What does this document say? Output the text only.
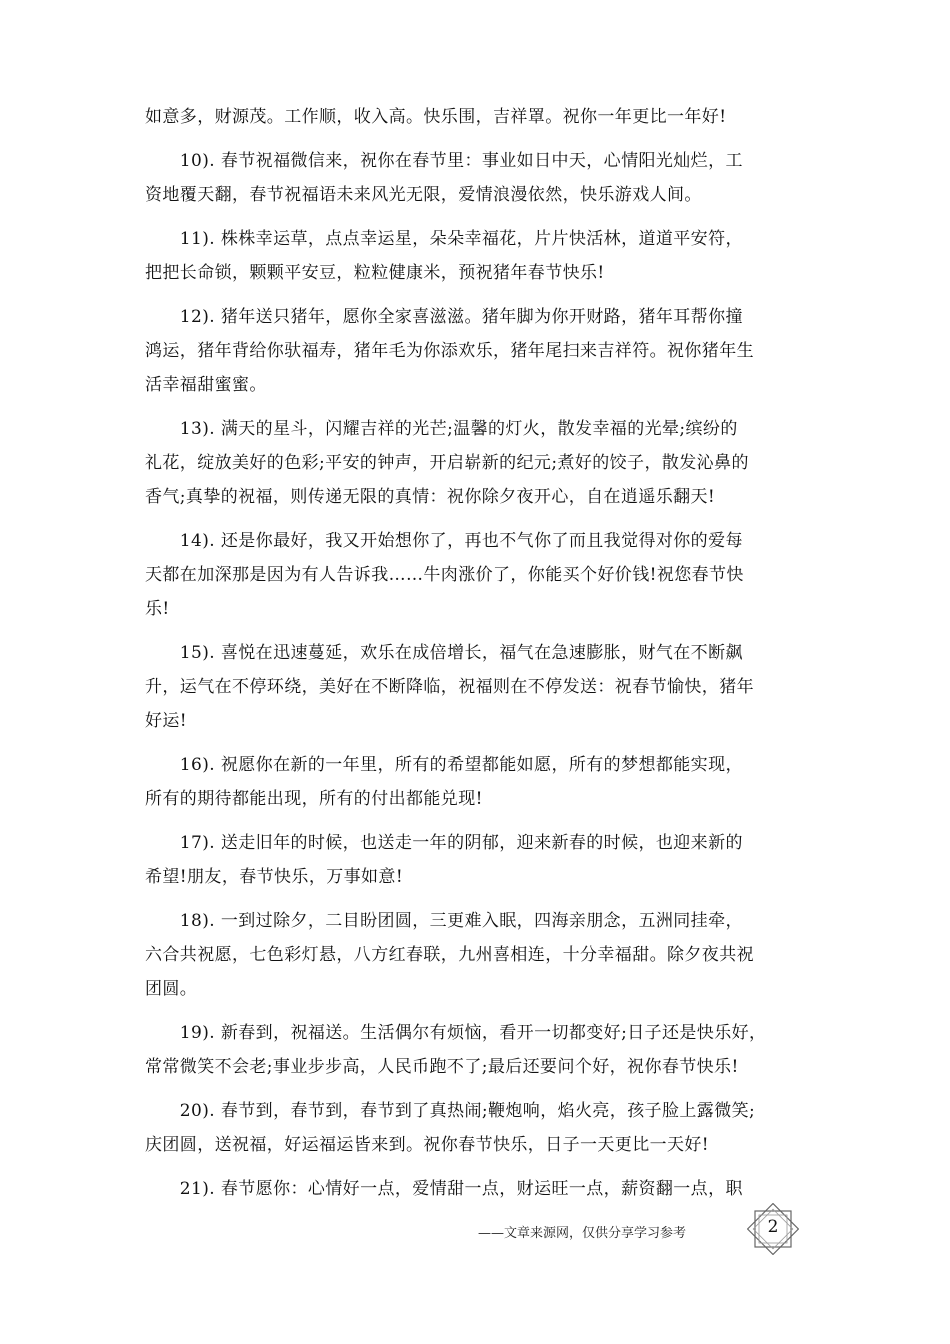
如意多，财源茂。工作顺，收入高。快乐围，吉祥罩。祝你一年更比一年好!
　　10). 春节祝福微信来，祝你在春节里：事业如日中天，心情阳光灿烂，工
资地覆天翻，春节祝福语未来风光无限，爱情浪漫依然，快乐游戏人间。
　　11). 株株幸运草，点点幸运星，朵朵幸福花，片片快活林，道道平安符，
把把长命锁，颗颗平安豆，粒粒健康米，预祝猪年春节快乐!
　　12). 猪年送只猪年，愿你全家喜滋滋。猪年脚为你开财路，猪年耳帮你撞
鸿运，猪年背给你驮福寿，猪年毛为你添欢乐，猪年尾扫来吉祥符。祝你猪年生
活幸福甜蜜蜜。
　　13). 满天的星斗，闪耀吉祥的光芒;温馨的灯火，散发幸福的光晕;缤纷的
礼花，绽放美好的色彩;平安的钟声，开启崭新的纪元;煮好的饺子，散发沁鼻的
香气;真挚的祝福，则传递无限的真情：祝你除夕夜开心，自在逍遥乐翻天!
　　14). 还是你最好，我又开始想你了，再也不气你了而且我觉得对你的爱每
天都在加深那是因为有人告诉我……牛肉涨价了，你能买个好价钱!祝您春节快
乐!
　　15). 喜悦在迅速蔓延，欢乐在成倍增长，福气在急速膨胀，财气在不断飙
升，运气在不停环绕，美好在不断降临，祝福则在不停发送：祝春节愉快，猪年
好运!
　　16). 祝愿你在新的一年里，所有的希望都能如愿，所有的梦想都能实现，
所有的期待都能出现，所有的付出都能兑现!
　　17). 送走旧年的时候，也送走一年的阴郁，迎来新春的时候，也迎来新的
希望!朋友，春节快乐，万事如意!
　　18). 一到过除夕，二目盼团圆，三更难入眠，四海亲朋念，五洲同挂牵，
六合共祝愿，七色彩灯悬，八方红春联，九州喜相连，十分幸福甜。除夕夜共祝
团圆。
　　19). 新春到，祝福送。生活偶尔有烦恼，看开一切都变好;日子还是快乐好，
常常微笑不会老;事业步步高，人民币跑不了;最后还要问个好，祝你春节快乐!
　　20). 春节到，春节到，春节到了真热闹;鞭炮响，焰火亮，孩子脸上露微笑;
庆团圆，送祝福，好运福运皆来到。祝你春节快乐，日子一天更比一天好!
　　21). 春节愿你：心情好一点，爱情甜一点，财运旺一点，薪资翻一点，职
——文章来源网，仅供分享学习参考	2
